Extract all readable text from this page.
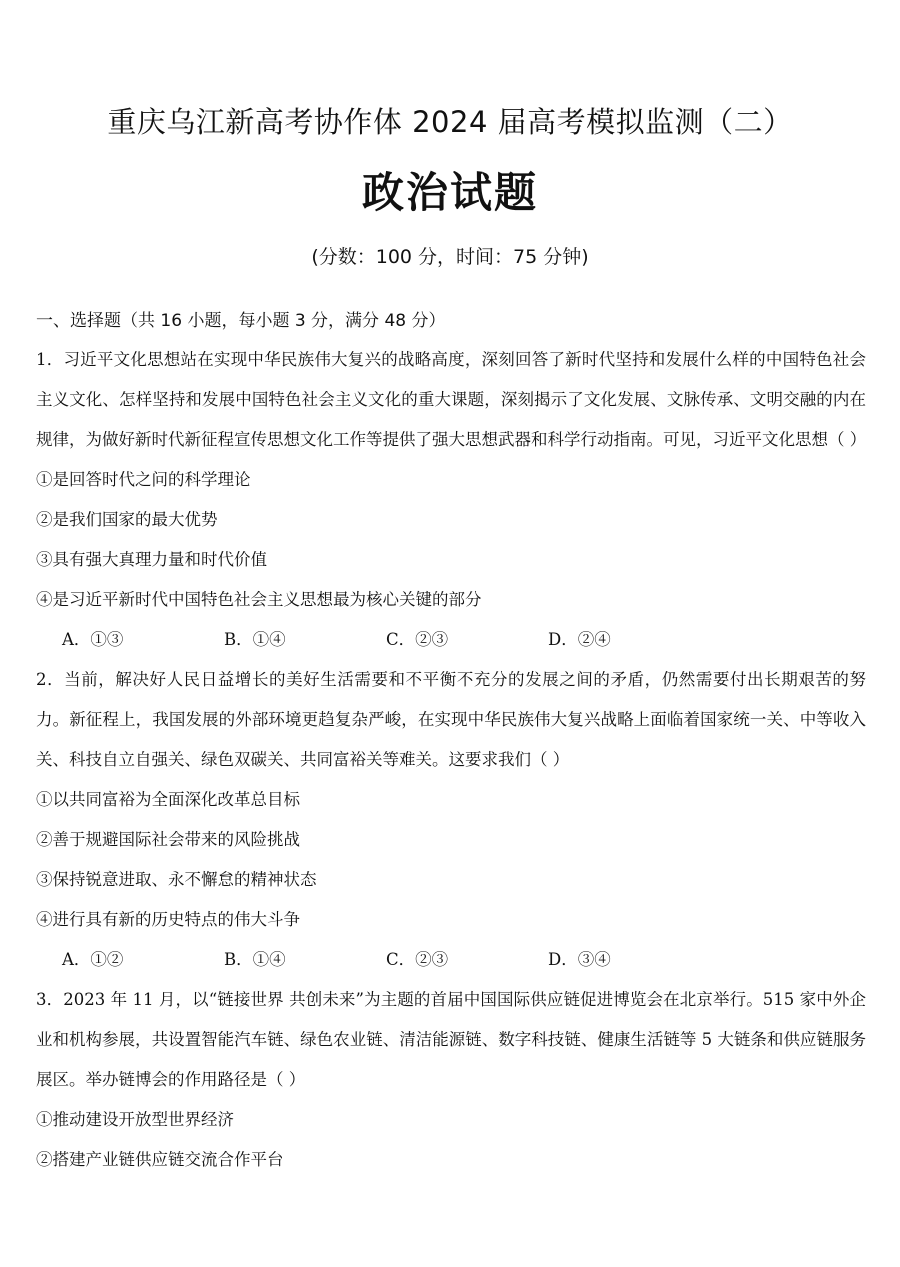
重庆乌江新高考协作体 2024 届高考模拟监测（二）
政治试题
(分数：100 分，时间：75 分钟)
一、选择题（共 16 小题，每小题 3 分，满分 48 分）
1．习近平文化思想站在实现中华民族伟大复兴的战略高度，深刻回答了新时代坚持和发展什么样的中国特色社会主义文化、怎样坚持和发展中国特色社会主义文化的重大课题，深刻揭示了文化发展、文脉传承、文明交融的内在规律，为做好新时代新征程宣传思想文化工作等提供了强大思想武器和科学行动指南。可见，习近平文化思想（ ）
①是回答时代之问的科学理论
②是我们国家的最大优势
③具有强大真理力量和时代价值
④是习近平新时代中国特色社会主义思想最为核心关键的部分
A．①③	B．①④	C．②③	D．②④
2．当前，解决好人民日益增长的美好生活需要和不平衡不充分的发展之间的矛盾，仍然需要付出长期艰苦的努力。新征程上，我国发展的外部环境更趋复杂严峻，在实现中华民族伟大复兴战略上面临着国家统一关、中等收入关、科技自立自强关、绿色双碳关、共同富裕关等难关。这要求我们（ ）
①以共同富裕为全面深化改革总目标
②善于规避国际社会带来的风险挑战
③保持锐意进取、永不懈怠的精神状态
④进行具有新的历史特点的伟大斗争
A．①②	B．①④	C．②③	D．③④
3．2023 年 11 月，以“链接世界 共创未来”为主题的首届中国国际供应链促进博览会在北京举行。515 家中外企业和机构参展，共设置智能汽车链、绿色农业链、清洁能源链、数字科技链、健康生活链等 5 大链条和供应链服务展区。举办链博会的作用路径是（ ）
①推动建设开放型世界经济
②搭建产业链供应链交流合作平台
